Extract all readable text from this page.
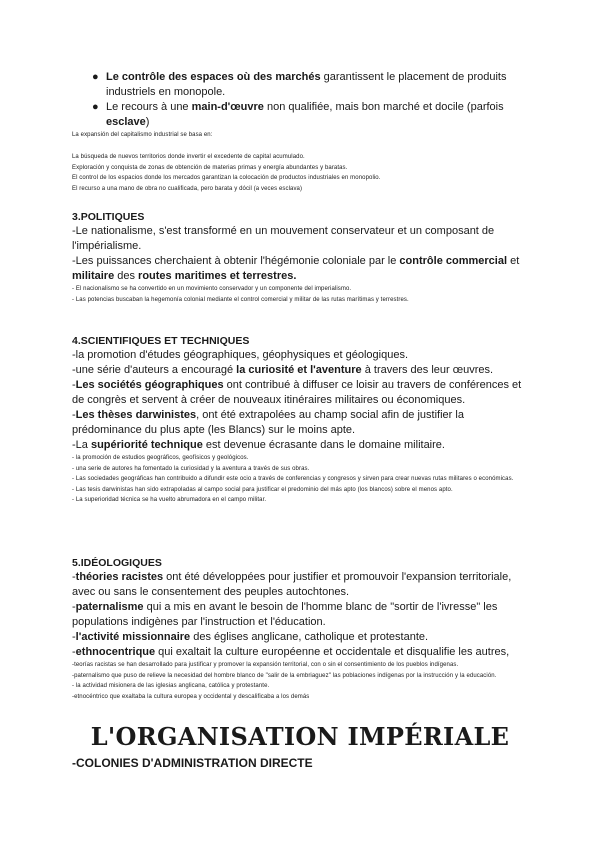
● Le contrôle des espaces où des marchés garantissent le placement de produits industriels en monopole.
● Le recours à une main-d'œuvre non qualifiée, mais bon marché et docile (parfois esclave)

La expansión del capitalismo industrial se basa en:

La búsqueda de nuevos territorios donde invertir el excedente de capital acumulado.

Exploración y conquista de zonas de obtención de materias primas y energía abundantes y baratas.

El control de los espacios donde los mercados garantizan la colocación de productos industriales en monopolio.

El recurso a una mano de obra no cualificada, pero barata y dócil (a veces esclava)

3.POLITIQUES

-Le nationalisme, s'est transformé en un mouvement conservateur et un composant de l'impérialisme.

-Les puissances cherchaient à obtenir l'hégémonie coloniale par le contrôle commercial et militaire des routes maritimes et terrestres.

- El nacionalismo se ha convertido en un movimiento conservador y un componente del imperialismo.

- Las potencias buscaban la hegemonía colonial mediante el control comercial y militar de las rutas marítimas y terrestres.

4.SCIENTIFIQUES ET TECHNIQUES

-la promotion d'études géographiques, géophysiques et géologiques.

-une série d'auteurs a encouragé la curiosité et l'aventure à travers des leur œuvres.

-Les sociétés géographiques ont contribué à diffuser ce loisir au travers de conférences et de congrès et servent à créer de nouveaux itinéraires militaires ou économiques.

-Les thèses darwinistes, ont été extrapolées au champ social afin de justifier la prédominance du plus apte (les Blancs) sur le moins apte.

-La supériorité technique est devenue écrasante dans le domaine militaire.

- la promoción de estudios geográficos, geofísicos y geológicos.

- una serie de autores ha fomentado la curiosidad y la aventura a través de sus obras.

- Las sociedades geográficas han contribuido a difundir este ocio a través de conferencias y congresos y sirven para crear nuevas rutas militares o económicas.

- Las tesis darwinistas han sido extrapoladas al campo social para justificar el predominio del más apto (los blancos) sobre el menos apto.

- La superioridad técnica se ha vuelto abrumadora en el campo militar.

5.IDÉOLOGIQUES

-théories racistes ont été développées pour justifier et promouvoir l'expansion territoriale, avec ou sans le consentement des peuples autochtones.

-paternalisme qui a mis en avant le besoin de l'homme blanc de "sortir de l'ivresse" les populations indigènes par l'instruction et l'éducation.

-l'activité missionnaire des églises anglicane, catholique et protestante.

-ethnocentrique qui exaltait la culture européenne et occidentale et disqualifie les autres,

-teorías racistas se han desarrollado para justificar y promover la expansión territorial, con o sin el consentimiento de los pueblos indígenas.

-paternalismo que puso de relieve la necesidad del hombre blanco de "salir de la embriaguez" las poblaciones indígenas por la instrucción y la educación.

- la actividad misionera de las iglesias anglicana, católica y protestante.

-etnocéntrico que exaltaba la cultura europea y occidental y descalificaba a los demás

L'ORGANISATION IMPÉRIALE

-COLONIES D'ADMINISTRATION DIRECTE
